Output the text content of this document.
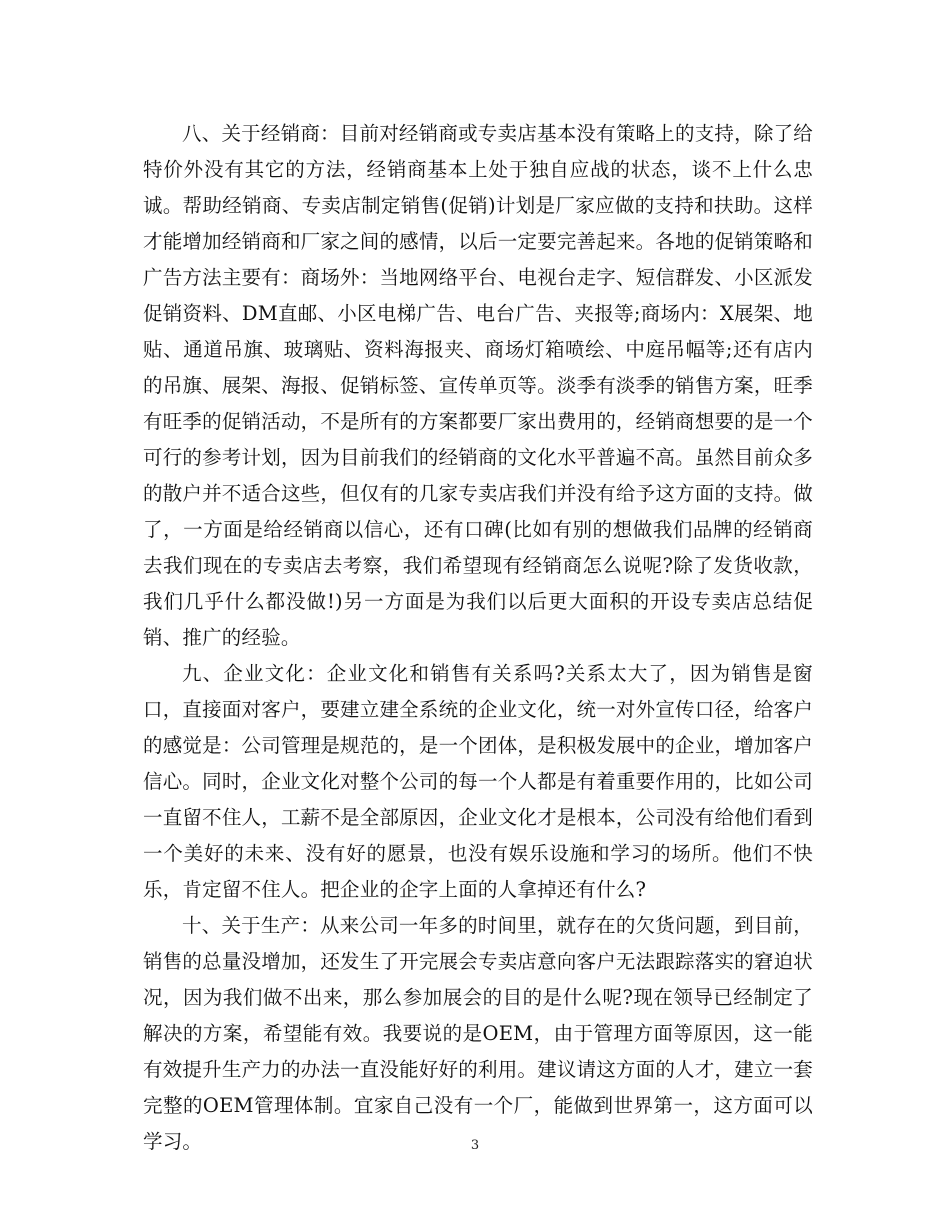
八、关于经销商：目前对经销商或专卖店基本没有策略上的支持，除了给特价外没有其它的方法，经销商基本上处于独自应战的状态，谈不上什么忠诚。帮助经销商、专卖店制定销售(促销)计划是厂家应做的支持和扶助。这样才能增加经销商和厂家之间的感情，以后一定要完善起来。各地的促销策略和广告方法主要有：商场外：当地网络平台、电视台走字、短信群发、小区派发促销资料、DM直邮、小区电梯广告、电台广告、夹报等;商场内：X展架、地贴、通道吊旗、玻璃贴、资料海报夹、商场灯箱喷绘、中庭吊幅等;还有店内的吊旗、展架、海报、促销标签、宣传单页等。淡季有淡季的销售方案，旺季有旺季的促销活动，不是所有的方案都要厂家出费用的，经销商想要的是一个可行的参考计划，因为目前我们的经销商的文化水平普遍不高。虽然目前众多的散户并不适合这些，但仅有的几家专卖店我们并没有给予这方面的支持。做了，一方面是给经销商以信心，还有口碑(比如有别的想做我们品牌的经销商去我们现在的专卖店去考察，我们希望现有经销商怎么说呢?除了发货收款，我们几乎什么都没做!)另一方面是为我们以后更大面积的开设专卖店总结促销、推广的经验。

九、企业文化：企业文化和销售有关系吗?关系太大了，因为销售是窗口，直接面对客户，要建立建全系统的企业文化，统一对外宣传口径，给客户的感觉是：公司管理是规范的，是一个团体，是积极发展中的企业，增加客户信心。同时，企业文化对整个公司的每一个人都是有着重要作用的，比如公司一直留不住人，工薪不是全部原因，企业文化才是根本，公司没有给他们看到一个美好的未来、没有好的愿景，也没有娱乐设施和学习的场所。他们不快乐，肯定留不住人。把企业的企字上面的人拿掉还有什么?

十、关于生产：从来公司一年多的时间里，就存在的欠货问题，到目前，销售的总量没增加，还发生了开完展会专卖店意向客户无法跟踪落实的窘迫状况，因为我们做不出来，那么参加展会的目的是什么呢?现在领导已经制定了解决的方案，希望能有效。我要说的是OEM，由于管理方面等原因，这一能有效提升生产力的办法一直没能好好的利用。建议请这方面的人才，建立一套完整的OEM管理体制。宜家自己没有一个厂，能做到世界第一，这方面可以学习。	3
